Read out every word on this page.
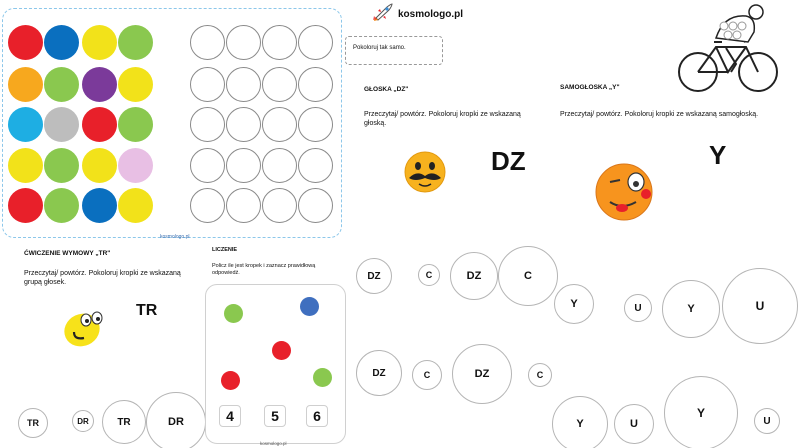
kosmologo.pl
kosmologo.pl
Pokoloruj tak samo.
GŁOSKA „DZ"
Przeczytaj/ powtórz. Pokoloruj kropki ze wskazaną głoską.
DZ
SAMOGŁOSKA „Y"
Przeczytaj/ powtórz. Pokoloruj kropki ze wskazaną samogłoską.
Y
ĆWICZENIE WYMOWY „TR"
Przeczytaj/ powtórz. Pokoloruj kropki ze wskazaną grupą głosek.
TR
TR	DR	TR	DR
LICZENIE
Policz ile jest kropek i zaznacz prawidłową odpowiedź.
4	5	6
kosmologo.pl
DZ	C	DZ	C
DZ	C	DZ	C
Y	U	Y	U
Y	U
Y
U
